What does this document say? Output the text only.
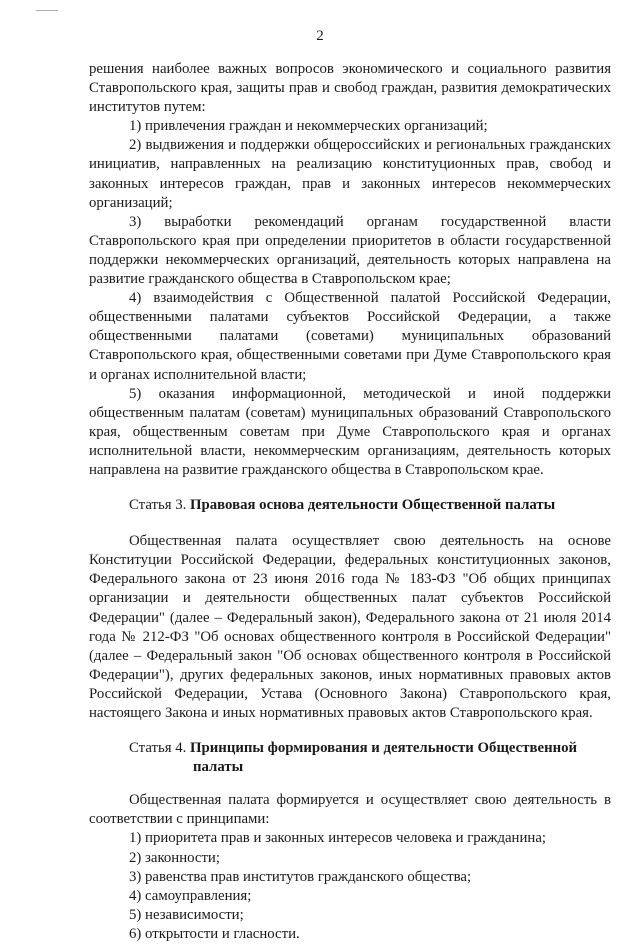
2

решения наиболее важных вопросов экономического и социального развития Ставропольского края, защиты прав и свобод граждан, развития демократических институтов путем:

1) привлечения граждан и некоммерческих организаций;

2) выдвижения и поддержки общероссийских и региональных гражданских инициатив, направленных на реализацию конституционных прав, свобод и законных интересов граждан, прав и законных интересов некоммерческих организаций;

3) выработки рекомендаций органам государственной власти Ставропольского края при определении приоритетов в области государственной поддержки некоммерческих организаций, деятельность которых направлена на развитие гражданского общества в Ставропольском крае;

4) взаимодействия с Общественной палатой Российской Федерации, общественными палатами субъектов Российской Федерации, а также общественными палатами (советами) муниципальных образований Ставропольского края, общественными советами при Думе Ставропольского края и органах исполнительной власти;

5) оказания информационной, методической и иной поддержки общественным палатам (советам) муниципальных образований Ставропольского края, общественным советам при Думе Ставропольского края и органах исполнительной власти, некоммерческим организациям, деятельность которых направлена на развитие гражданского общества в Ставропольском крае.

Статья 3. Правовая основа деятельности Общественной палаты

Общественная палата осуществляет свою деятельность на основе Конституции Российской Федерации, федеральных конституционных законов, Федерального закона от 23 июня 2016 года № 183-ФЗ "Об общих принципах организации и деятельности общественных палат субъектов Российской Федерации" (далее – Федеральный закон), Федерального закона от 21 июля 2014 года № 212-ФЗ "Об основах общественного контроля в Российской Федерации" (далее – Федеральный закон "Об основах общественного контроля в Российской Федерации"), других федеральных законов, иных нормативных правовых актов Российской Федерации, Устава (Основного Закона) Ставропольского края, настоящего Закона и иных нормативных правовых актов Ставропольского края.

Статья 4. Принципы формирования и деятельности Общественной
палаты

Общественная палата формируется и осуществляет свою деятельность в соответствии с принципами:

1) приоритета прав и законных интересов человека и гражданина;

2) законности;

3) равенства прав институтов гражданского общества;

4) самоуправления;

5) независимости;

6) открытости и гласности.
